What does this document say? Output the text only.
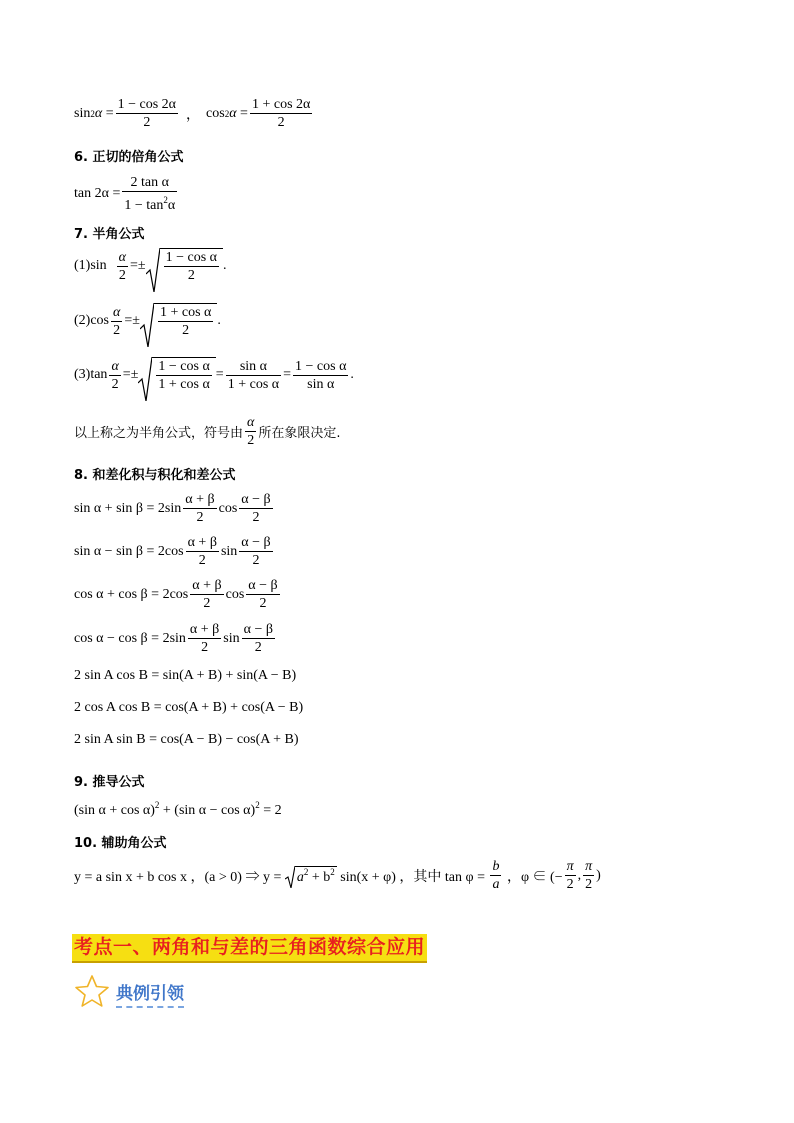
sin 2 $\alpha = \frac{1 - \cos 2\alpha}{2}$ ， cos 2 $\alpha = \frac{1 + \cos 2\alpha}{2}$
6. 正切的倍角公式
$\tan 2\alpha = \frac{\text{2 tan α}}{1 - \tan^2\alpha}$
7. 半角公式
$(1)\sin \frac{\alpha}{2} =\pm \frac{\text{1 − cos α}}{2}$ .
$(2)\cos \frac{\alpha}{2} =\pm \frac{\text{1 + cos α}}{2}$ .
$(3)\tan \frac{\alpha}{2} =\pm \frac{\text{1 − cos α}}{\text{1 + cos α}} = \frac{\text{sin α}}{\text{1 + cos α}} = \frac{\text{1 − cos α}}{\text{sin α}}$ .
以上称之为半角公式，符号由 $\frac{\alpha}{2}$ 所在象限决定.
8. 和差化积与积化和差公式
$\sin \alpha + \sin \beta = 2\sin \frac{\alpha + \beta}{2}$ $\cos \frac{\alpha - \beta}{2}$
$\sin \alpha - \sin \beta = 2\cos \frac{\alpha + \beta}{2}$ $\sin \frac{\alpha - \beta}{2}$
$\cos \alpha + \cos \beta = 2\cos \frac{\alpha + \beta}{2}$ $\cos \frac{\alpha - \beta}{2}$
$\cos \alpha - \cos \beta = 2\sin \frac{\alpha + \beta}{2}$ $\sin \frac{\alpha - \beta}{2}$
2 sin A cos B = sin(A + B) + sin(A − B)
2 cos A cos B = cos(A + B) + cos(A − B)
2 sin A sin B = cos(A − B) − cos(A + B)
9. 推导公式
(sin α + cos α)$^2$ + (sin α − cos α)$^2$ = 2
10. 辅助角公式
y = a sin x + b cos x ，(a > 0) ⇒ $y = a^2 + b^2$ sin(x + φ) ，其中 $\tan \varphi = \frac{b}{a}$ ，φ ∈ (− $\frac{\pi}{2}$ , $\frac{\pi}{2}$ )
考点一、两角和与差的三角函数综合应用
典例引领
